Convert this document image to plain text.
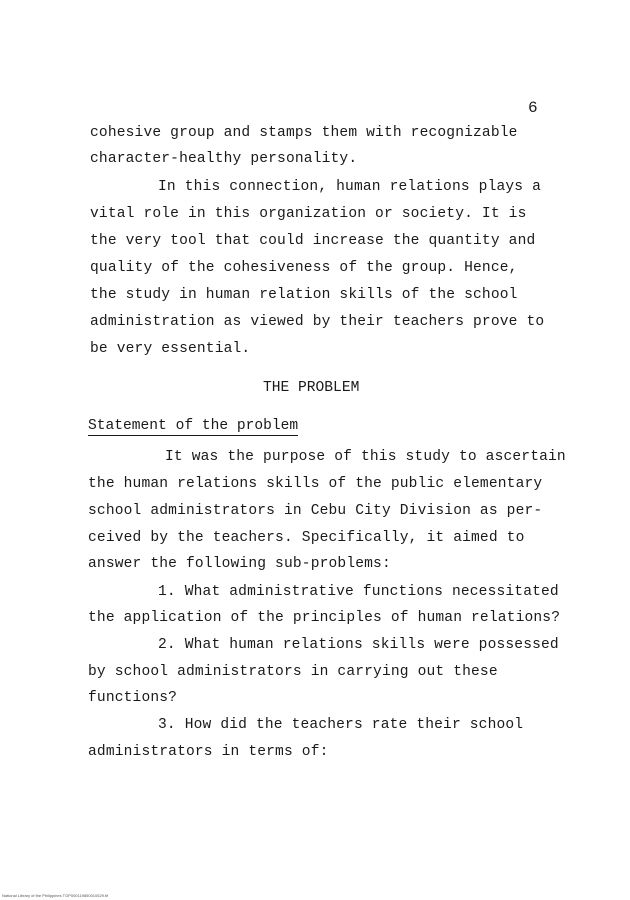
6
cohesive group and stamps them with recognizable
character-healthy personality.
In this connection, human relations plays a
vital role in this organization or society. It is
the very tool that could increase the quantity and
quality of the cohesiveness of the group. Hence,
the study in human relation skills of the school
administration as viewed by their teachers prove to
be very essential.
THE PROBLEM
Statement of the problem
It was the purpose of this study to ascertain
the human relations skills of the public elementary
school administrators in Cebu City Division as per-
ceived by the teachers. Specifically, it aimed to
answer the following sub-problems:
1. What administrative functions necessitated
the application of the principles of human relations?
2. What human relations skills were possessed
by school administrators in carrying out these
functions?
3. How did the teachers rate their school
administrators in terms of:
National Library of the Philippines TGP000119850010529.tif
